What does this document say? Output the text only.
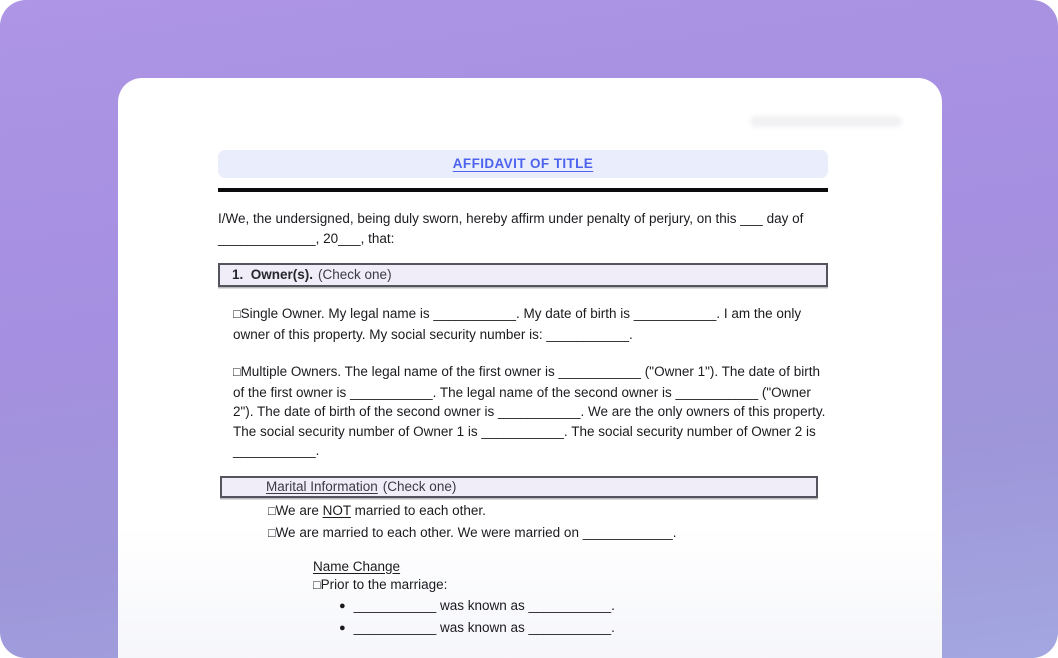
AFFIDAVIT OF TITLE

I/We, the undersigned, being duly sworn, hereby affirm under penalty of perjury, on this ___ day of _____________, 20___, that:

1.  Owner(s). (Check one)

□Single Owner. My legal name is ___________. My date of birth is ___________. I am the only owner of this property. My social security number is: ___________.

□Multiple Owners. The legal name of the first owner is ___________ ("Owner 1"). The date of birth of the first owner is ___________. The legal name of the second owner is ___________ ("Owner 2"). The date of birth of the second owner is ___________. We are the only owners of this property. The social security number of Owner 1 is ___________. The social security number of Owner 2 is ___________.

Marital Information (Check one)
□We are NOT married to each other.
□We are married to each other. We were married on ____________.
Name Change
□Prior to the marriage:
● ___________ was known as ___________.
● ___________ was known as ___________.
